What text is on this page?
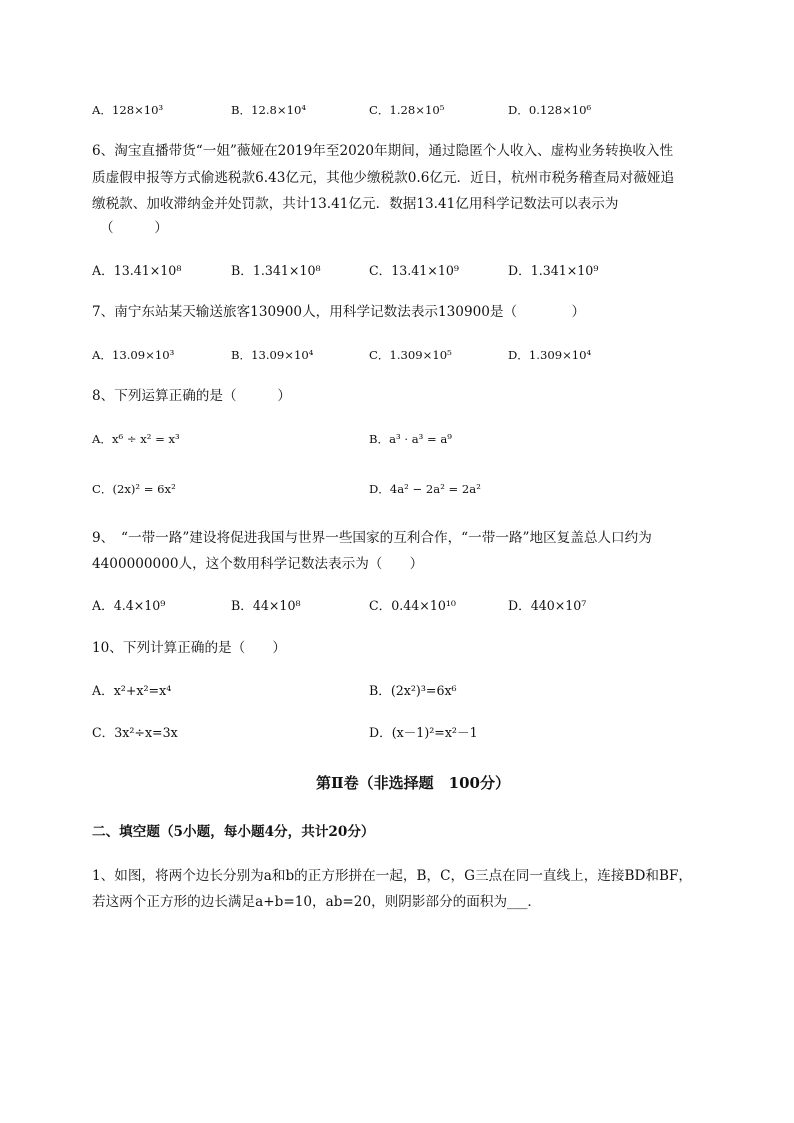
A．128×10³	B．12.8×10⁴	C．1.28×10⁵	D．0.128×10⁶
6、淘宝直播带货“一姐”薇娅在2019年至2020年期间，通过隐匿个人收入、虚构业务转换收入性
质虚假申报等方式偷逃税款6.43亿元，其他少缴税款0.6亿元．近日，杭州市税务稽查局对薇娅追
缴税款、加收滞纳金并处罚款，共计13.41亿元．数据13.41亿用科学记数法可以表示为
（　　　）
A．13.41×10⁸	B．1.341×10⁸	C．13.41×10⁹	D．1.341×10⁹
7、南宁东站某天输送旅客130900人，用科学记数法表示130900是（　　　　）
A．13.09×10³	B．13.09×10⁴	C．1.309×10⁵	D．1.309×10⁴
8、下列运算正确的是（　　　）
A．x⁶ ÷ x² = x³	B．a³ · a³ = a⁹
C．(2x)² = 6x²	D．4a² − 2a² = 2a²
9、　“一带一路”建设将促进我国与世界一些国家的互利合作，“一带一路”地区复盖总人口约为
4400000000人，这个数用科学记数法表示为（　　）
A．4.4×10⁹	B．44×10⁸	C．0.44×10¹⁰	D．440×10⁷
10、下列计算正确的是（　　）
A．x²+x²=x⁴	B．(2x²)³=6x⁶
C．3x²÷x=3x	D．(x－1)²=x²－1
第Ⅱ卷（非选择题　100分）
二、填空题（5小题，每小题4分，共计20分）
1、如图，将两个边长分别为a和b的正方形拼在一起，B，C，G三点在同一直线上，连接BD和BF，
若这两个正方形的边长满足a+b=10，ab=20，则阴影部分的面积为___．
